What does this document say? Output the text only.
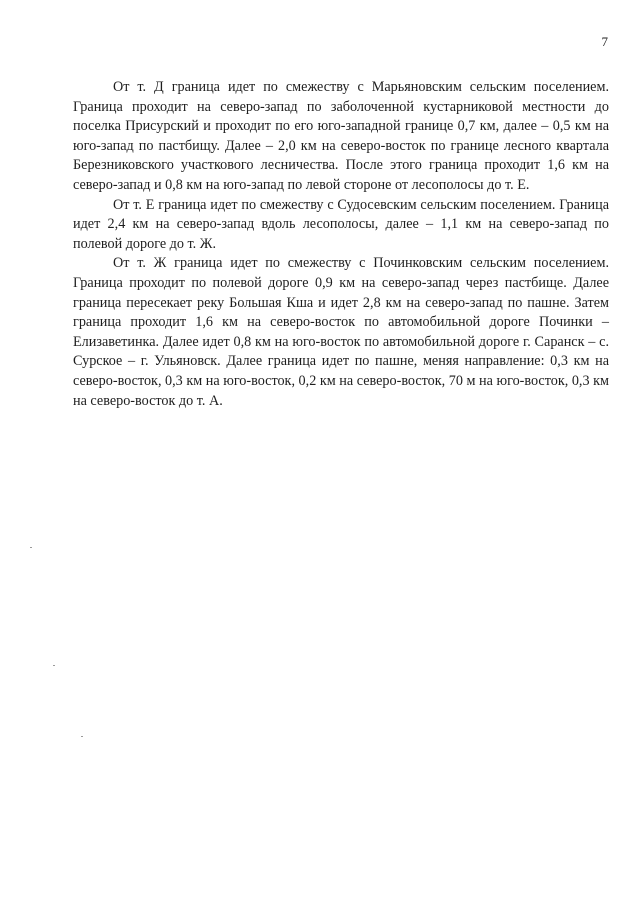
7

От т. Д граница идет по смежеству с Марьяновским сельским поселением. Граница проходит на северо-запад по заболоченной кустарниковой местности до поселка Присурский и проходит по его юго-западной границе 0,7 км, далее – 0,5 км на юго-запад по пастбищу. Далее – 2,0 км на северо-восток по границе лесного квартала Березниковского участкового лесничества. После этого граница проходит 1,6 км на северо-запад и 0,8 км на юго-запад по левой стороне от лесополосы до т. Е.

От т. Е граница идет по смежеству с Судосевским сельским поселением. Граница идет 2,4 км на северо-запад вдоль лесополосы, далее – 1,1 км на северо-запад по полевой дороге до т. Ж.

От т. Ж граница идет по смежеству с Починковским сельским поселением. Граница проходит по полевой дороге 0,9 км на северо-запад через пастбище. Далее граница пересекает реку Большая Кша и идет 2,8 км на северо-запад по пашне. Затем граница проходит 1,6 км на северо-восток по автомобильной дороге Починки – Елизаветинка. Далее идет 0,8 км на юго-восток по автомобильной дороге г. Саранск – с. Сурское – г. Ульяновск. Далее граница идет по пашне, меняя направление: 0,3 км на северо-восток, 0,3 км на юго-восток, 0,2 км на северо-восток, 70 м на юго-восток, 0,3 км на северо-восток до т. А.
